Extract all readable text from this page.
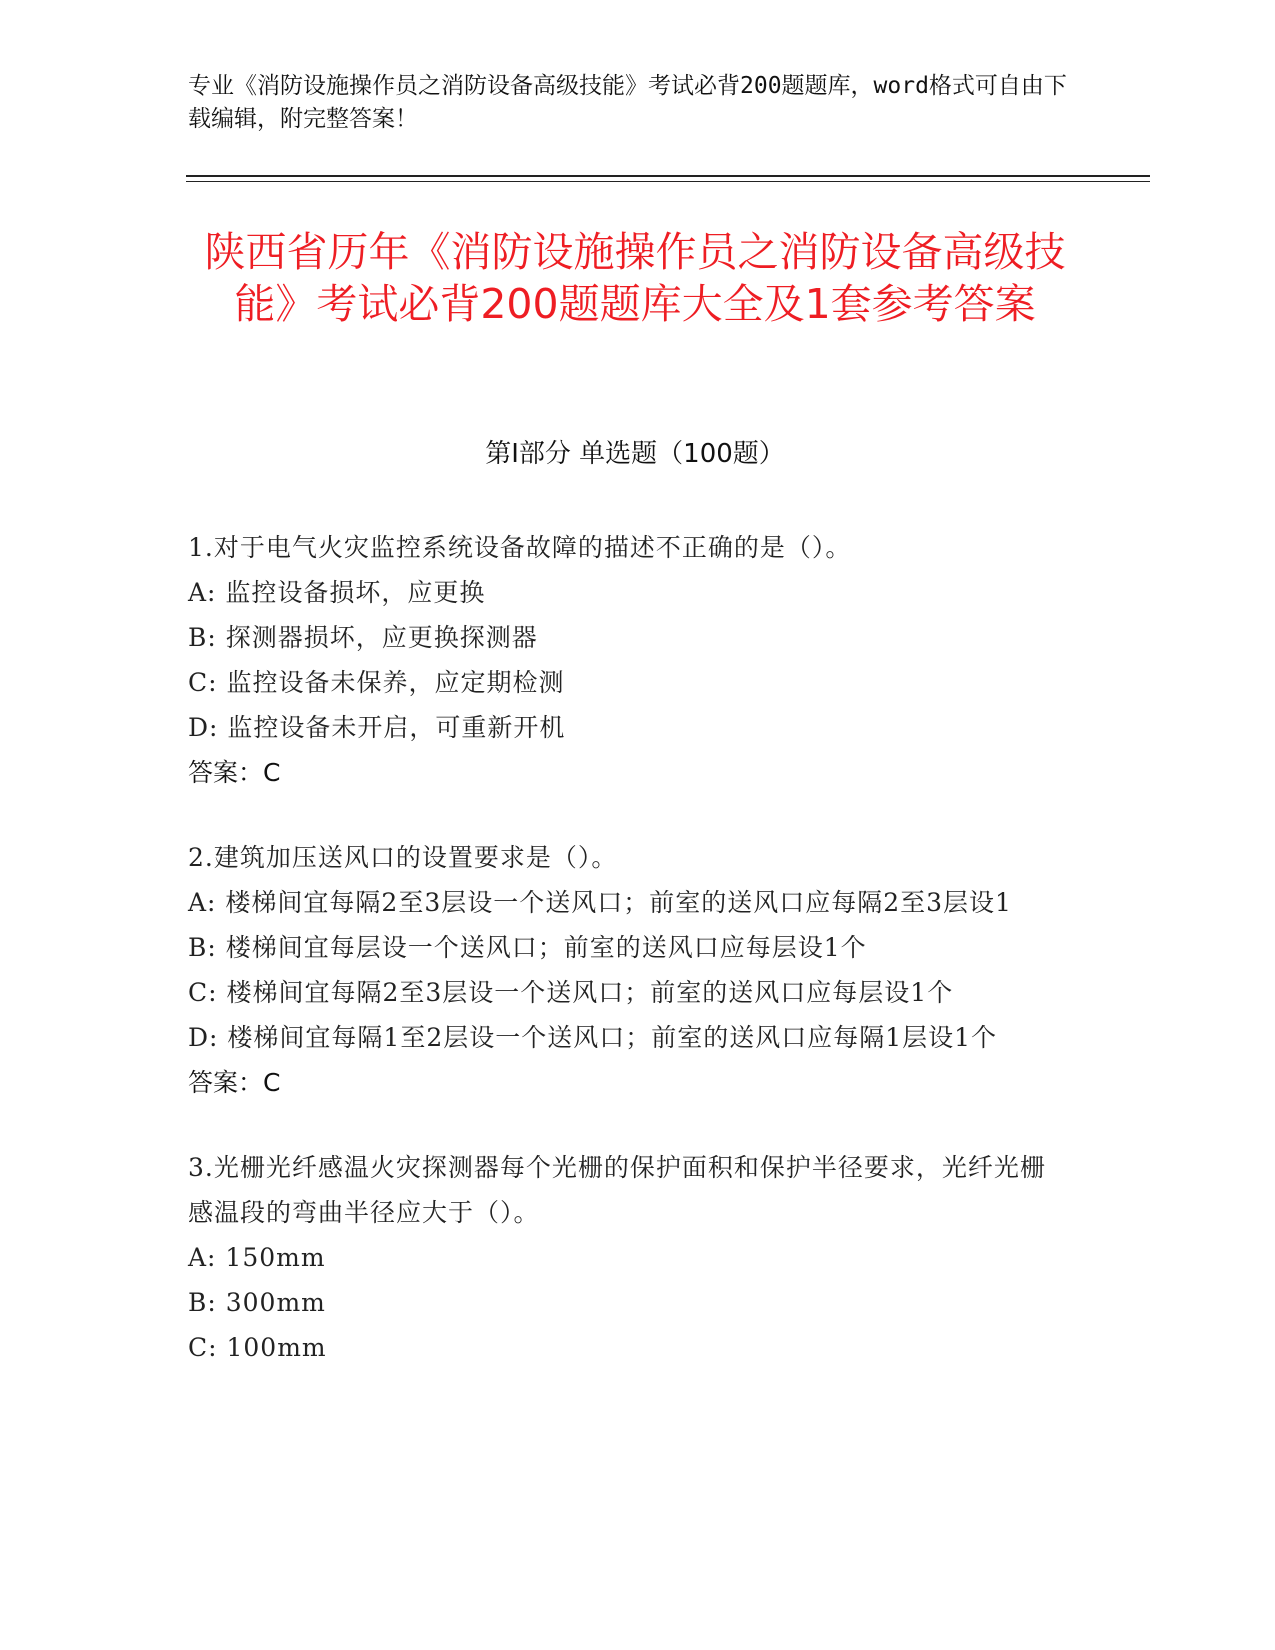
专业《消防设施操作员之消防设备高级技能》考试必背200题题库，word格式可自由下载编辑，附完整答案！
陕西省历年《消防设施操作员之消防设备高级技能》考试必背200题题库大全及1套参考答案
第I部分 单选题（100题）

1.对于电气火灾监控系统设备故障的描述不正确的是（）。

A: 监控设备损坏，应更换

B: 探测器损坏，应更换探测器

C: 监控设备未保养，应定期检测

D: 监控设备未开启，可重新开机

答案：C

2.建筑加压送风口的设置要求是（）。

A: 楼梯间宜每隔2至3层设一个送风口；前室的送风口应每隔2至3层设1

B: 楼梯间宜每层设一个送风口；前室的送风口应每层设1个

C: 楼梯间宜每隔2至3层设一个送风口；前室的送风口应每层设1个

D: 楼梯间宜每隔1至2层设一个送风口；前室的送风口应每隔1层设1个

答案：C

3.光栅光纤感温火灾探测器每个光栅的保护面积和保护半径要求，光纤光栅感温段的弯曲半径应大于（）。

A: 150mm

B: 300mm

C: 100mm
